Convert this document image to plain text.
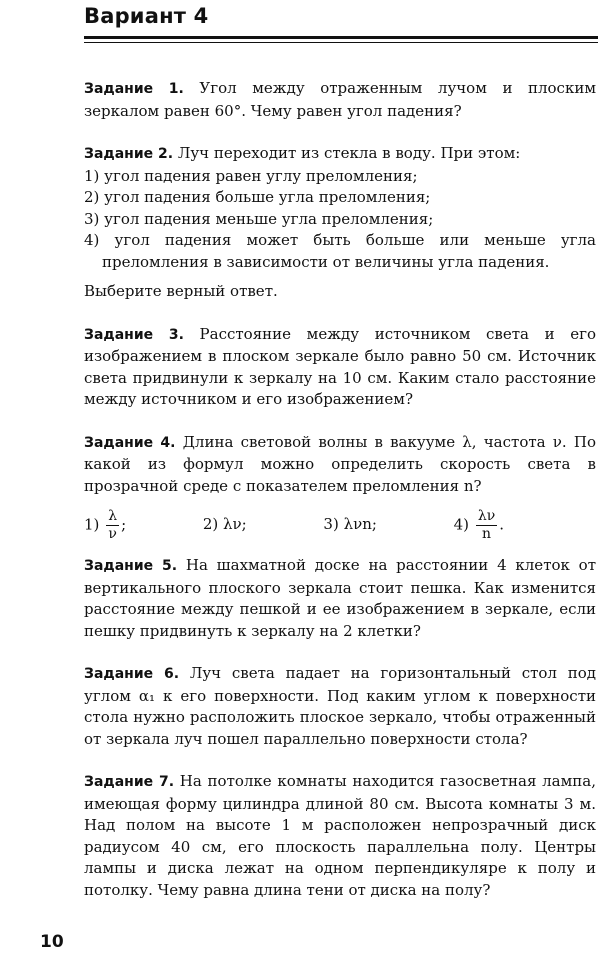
Вариант 4

Задание 1. Угол между отраженным лучом и плоским зеркалом равен 60°. Чему равен угол падения?

Задание 2. Луч переходит из стекла в воду. При этом:

1) угол падения равен углу преломления;
2) угол падения больше угла преломления;
3) угол падения меньше угла преломления;
4) угол падения может быть больше или меньше угла преломления в зависимости от величины угла падения.

Выберите верный ответ.

Задание 3. Расстояние между источником света и его изображением в плоском зеркале было равно 50 см. Источник света придвинули к зеркалу на 10 см. Каким стало расстояние между источником и его изображением?

Задание 4. Длина световой волны в вакууме λ, частота ν. По какой из формул можно определить скорость света в прозрачной среде с показателем преломления n?

$1) \frac{\lambda}{\nu}$ ;	2) λν;	3) λνn;	$4) \frac{\lambda\nu}{n}$ .

Задание 5. На шахматной доске на расстоянии 4 клеток от вертикального плоского зеркала стоит пешка. Как изменится расстояние между пешкой и ее изображением в зеркале, если пешку придвинуть к зеркалу на 2 клетки?

Задание 6. Луч света падает на горизонтальный стол под углом α₁ к его поверхности. Под каким углом к поверхности стола нужно расположить плоское зеркало, чтобы отраженный от зеркала луч пошел параллельно поверхности стола?

Задание 7. На потолке комнаты находится газосветная лампа, имеющая форму цилиндра длиной 80 см. Высота комнаты 3 м. Над полом на высоте 1 м расположен непрозрачный диск радиусом 40 см, его плоскость параллельна полу. Центры лампы и диска лежат на одном перпендикуляре к полу и потолку. Чему равна длина тени от диска на полу?

10
